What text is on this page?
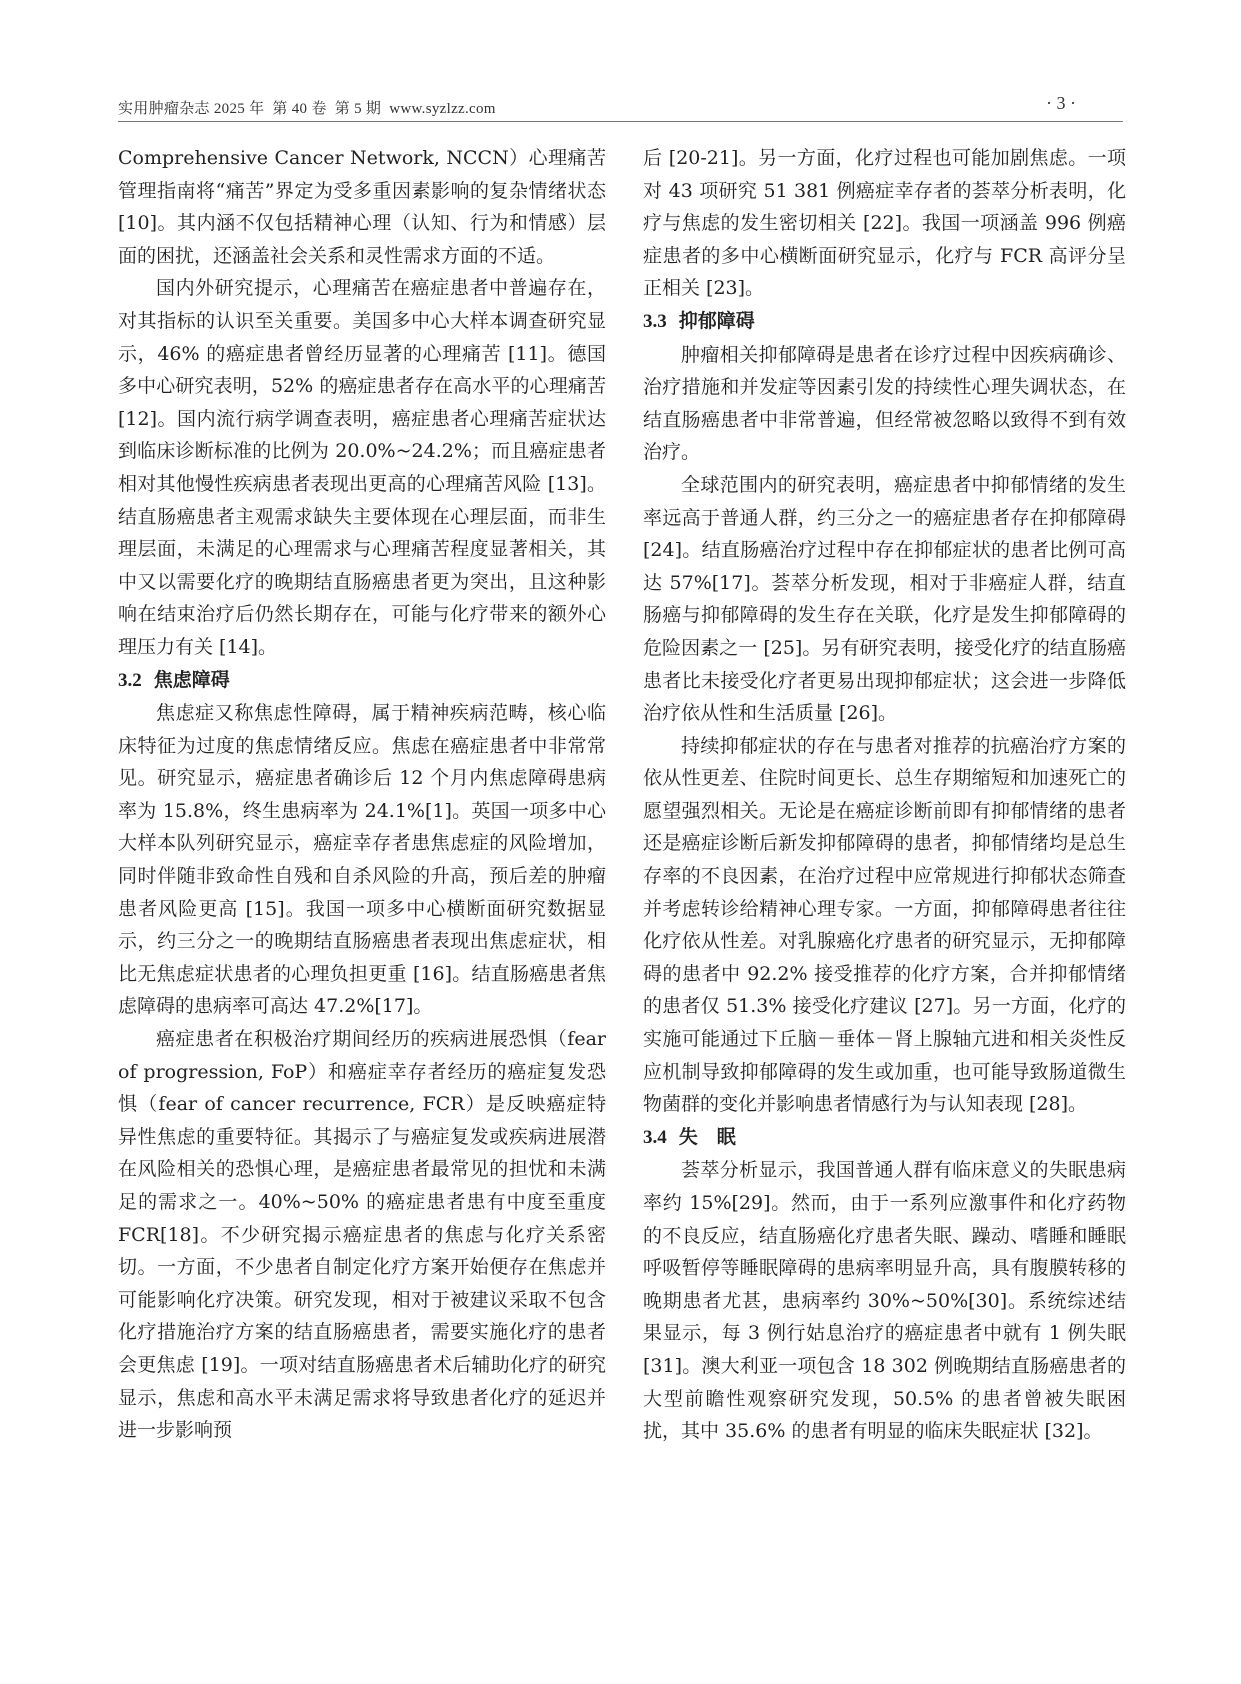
实用肿瘤杂志 2025 年 第 40 卷 第 5 期 www.syzlzz.com	· 3 ·

Comprehensive Cancer Network, NCCN）心理痛苦管理指南将“痛苦”界定为受多重因素影响的复杂情绪状态 [10]。其内涵不仅包括精神心理（认知、行为和情感）层面的困扰，还涵盖社会关系和灵性需求方面的不适。

国内外研究提示，心理痛苦在癌症患者中普遍存在，对其指标的认识至关重要。美国多中心大样本调查研究显示，46% 的癌症患者曾经历显著的心理痛苦 [11]。德国多中心研究表明，52% 的癌症患者存在高水平的心理痛苦 [12]。国内流行病学调查表明，癌症患者心理痛苦症状达到临床诊断标准的比例为 20.0%~24.2%；而且癌症患者相对其他慢性疾病患者表现出更高的心理痛苦风险 [13]。结直肠癌患者主观需求缺失主要体现在心理层面，而非生理层面，未满足的心理需求与心理痛苦程度显著相关，其中又以需要化疗的晚期结直肠癌患者更为突出，且这种影响在结束治疗后仍然长期存在，可能与化疗带来的额外心理压力有关 [14]。

3.2 焦虑障碍

焦虑症又称焦虑性障碍，属于精神疾病范畴，核心临床特征为过度的焦虑情绪反应。焦虑在癌症患者中非常常见。研究显示，癌症患者确诊后 12 个月内焦虑障碍患病率为 15.8%，终生患病率为 24.1%[1]。英国一项多中心大样本队列研究显示，癌症幸存者患焦虑症的风险增加，同时伴随非致命性自残和自杀风险的升高，预后差的肿瘤患者风险更高 [15]。我国一项多中心横断面研究数据显示，约三分之一的晚期结直肠癌患者表现出焦虑症状，相比无焦虑症状患者的心理负担更重 [16]。结直肠癌患者焦虑障碍的患病率可高达 47.2%[17]。

癌症患者在积极治疗期间经历的疾病进展恐惧（fear of progression, FoP）和癌症幸存者经历的癌症复发恐惧（fear of cancer recurrence, FCR）是反映癌症特异性焦虑的重要特征。其揭示了与癌症复发或疾病进展潜在风险相关的恐惧心理，是癌症患者最常见的担忧和未满足的需求之一。40%~50% 的癌症患者患有中度至重度 FCR[18]。不少研究揭示癌症患者的焦虑与化疗关系密切。一方面，不少患者自制定化疗方案开始便存在焦虑并可能影响化疗决策。研究发现，相对于被建议采取不包含化疗措施治疗方案的结直肠癌患者，需要实施化疗的患者会更焦虑 [19]。一项对结直肠癌患者术后辅助化疗的研究显示，焦虑和高水平未满足需求将导致患者化疗的延迟并进一步影响预

后 [20-21]。另一方面，化疗过程也可能加剧焦虑。一项对 43 项研究 51 381 例癌症幸存者的荟萃分析表明，化疗与焦虑的发生密切相关 [22]。我国一项涵盖 996 例癌症患者的多中心横断面研究显示，化疗与 FCR 高评分呈正相关 [23]。

3.3 抑郁障碍

肿瘤相关抑郁障碍是患者在诊疗过程中因疾病确诊、治疗措施和并发症等因素引发的持续性心理失调状态，在结直肠癌患者中非常普遍，但经常被忽略以致得不到有效治疗。

全球范围内的研究表明，癌症患者中抑郁情绪的发生率远高于普通人群，约三分之一的癌症患者存在抑郁障碍 [24]。结直肠癌治疗过程中存在抑郁症状的患者比例可高达 57%[17]。荟萃分析发现，相对于非癌症人群，结直肠癌与抑郁障碍的发生存在关联，化疗是发生抑郁障碍的危险因素之一 [25]。另有研究表明，接受化疗的结直肠癌患者比未接受化疗者更易出现抑郁症状；这会进一步降低治疗依从性和生活质量 [26]。

持续抑郁症状的存在与患者对推荐的抗癌治疗方案的依从性更差、住院时间更长、总生存期缩短和加速死亡的愿望强烈相关。无论是在癌症诊断前即有抑郁情绪的患者还是癌症诊断后新发抑郁障碍的患者，抑郁情绪均是总生存率的不良因素，在治疗过程中应常规进行抑郁状态筛查并考虑转诊给精神心理专家。一方面，抑郁障碍患者往往化疗依从性差。对乳腺癌化疗患者的研究显示，无抑郁障碍的患者中 92.2% 接受推荐的化疗方案，合并抑郁情绪的患者仅 51.3% 接受化疗建议 [27]。另一方面，化疗的实施可能通过下丘脑－垂体－肾上腺轴亢进和相关炎性反应机制导致抑郁障碍的发生或加重，也可能导致肠道微生物菌群的变化并影响患者情感行为与认知表现 [28]。

3.4 失　眠

荟萃分析显示，我国普通人群有临床意义的失眠患病率约 15%[29]。然而，由于一系列应激事件和化疗药物的不良反应，结直肠癌化疗患者失眠、躁动、嗜睡和睡眠呼吸暂停等睡眠障碍的患病率明显升高，具有腹膜转移的晚期患者尤甚，患病率约 30%~50%[30]。系统综述结果显示，每 3 例行姑息治疗的癌症患者中就有 1 例失眠 [31]。澳大利亚一项包含 18 302 例晚期结直肠癌患者的大型前瞻性观察研究发现，50.5% 的患者曾被失眠困扰，其中 35.6% 的患者有明显的临床失眠症状 [32]。
